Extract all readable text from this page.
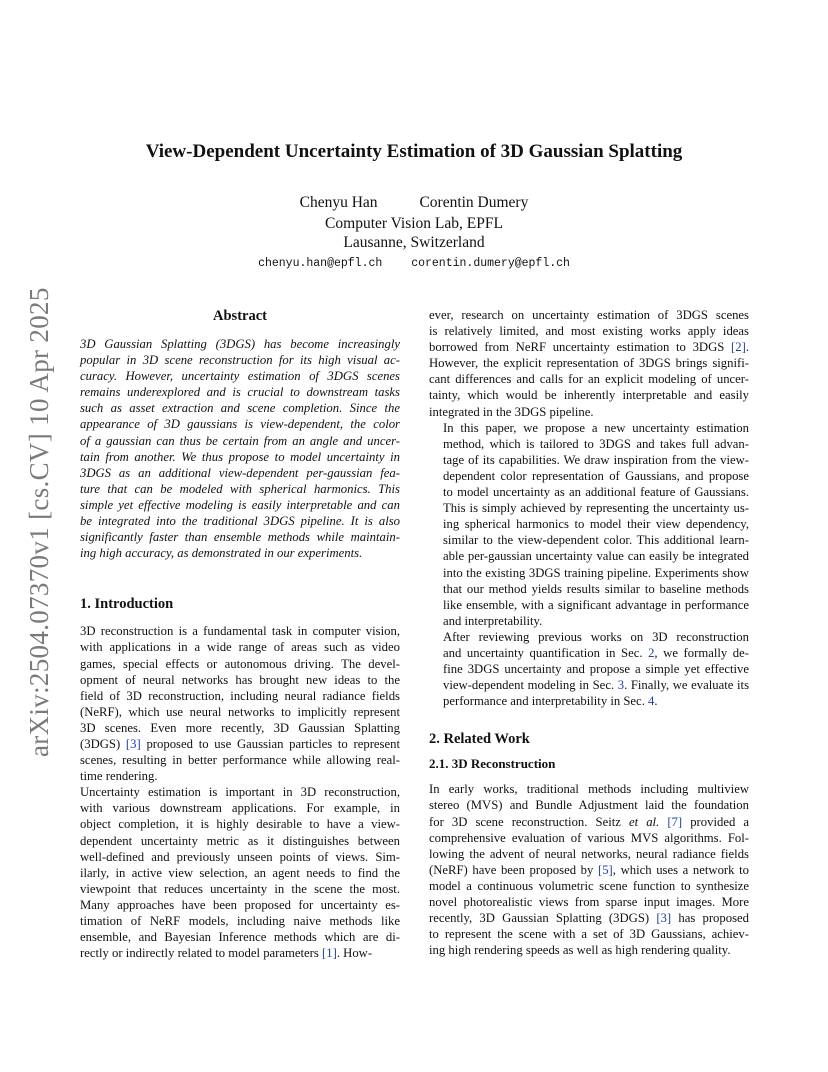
arXiv:2504.07370v1 [cs.CV] 10 Apr 2025
View-Dependent Uncertainty Estimation of 3D Gaussian Splatting
Chenyu Han	Corentin Dumery
Computer Vision Lab, EPFL
Lausanne, Switzerland
chenyu.han@epfl.ch	corentin.dumery@epfl.ch
Abstract

3D Gaussian Splatting (3DGS) has become increasingly
popular in 3D scene reconstruction for its high visual ac-
curacy. However, uncertainty estimation of 3DGS scenes
remains underexplored and is crucial to downstream tasks
such as asset extraction and scene completion. Since the
appearance of 3D gaussians is view-dependent, the color
of a gaussian can thus be certain from an angle and uncer-
tain from another. We thus propose to model uncertainty in
3DGS as an additional view-dependent per-gaussian fea-
ture that can be modeled with spherical harmonics. This
simple yet effective modeling is easily interpretable and can
be integrated into the traditional 3DGS pipeline. It is also
significantly faster than ensemble methods while maintain-
ing high accuracy, as demonstrated in our experiments.

1. Introduction

3D reconstruction is a fundamental task in computer vision,
with applications in a wide range of areas such as video
games, special effects or autonomous driving. The devel-
opment of neural networks has brought new ideas to the
field of 3D reconstruction, including neural radiance fields
(NeRF), which use neural networks to implicitly represent
3D scenes. Even more recently, 3D Gaussian Splatting
(3DGS) [3] proposed to use Gaussian particles to represent
scenes, resulting in better performance while allowing real-
time rendering.

Uncertainty estimation is important in 3D reconstruction,
with various downstream applications. For example, in
object completion, it is highly desirable to have a view-
dependent uncertainty metric as it distinguishes between
well-defined and previously unseen points of views. Sim-
ilarly, in active view selection, an agent needs to find the
viewpoint that reduces uncertainty in the scene the most.
Many approaches have been proposed for uncertainty es-
timation of NeRF models, including naive methods like
ensemble, and Bayesian Inference methods which are di-
rectly or indirectly related to model parameters [1]. How-

ever, research on uncertainty estimation of 3DGS scenes
is relatively limited, and most existing works apply ideas
borrowed from NeRF uncertainty estimation to 3DGS [2].
However, the explicit representation of 3DGS brings signifi-
cant differences and calls for an explicit modeling of uncer-
tainty, which would be inherently interpretable and easily
integrated in the 3DGS pipeline.

In this paper, we propose a new uncertainty estimation
method, which is tailored to 3DGS and takes full advan-
tage of its capabilities. We draw inspiration from the view-
dependent color representation of Gaussians, and propose
to model uncertainty as an additional feature of Gaussians.
This is simply achieved by representing the uncertainty us-
ing spherical harmonics to model their view dependency,
similar to the view-dependent color. This additional learn-
able per-gaussian uncertainty value can easily be integrated
into the existing 3DGS training pipeline. Experiments show
that our method yields results similar to baseline methods
like ensemble, with a significant advantage in performance
and interpretability.

After reviewing previous works on 3D reconstruction
and uncertainty quantification in Sec. 2, we formally de-
fine 3DGS uncertainty and propose a simple yet effective
view-dependent modeling in Sec. 3. Finally, we evaluate its
performance and interpretability in Sec. 4.

2. Related Work
2.1. 3D Reconstruction

In early works, traditional methods including multiview
stereo (MVS) and Bundle Adjustment laid the foundation
for 3D scene reconstruction. Seitz et al. [7] provided a
comprehensive evaluation of various MVS algorithms. Fol-
lowing the advent of neural networks, neural radiance fields
(NeRF) have been proposed by [5], which uses a network to
model a continuous volumetric scene function to synthesize
novel photorealistic views from sparse input images. More
recently, 3D Gaussian Splatting (3DGS) [3] has proposed
to represent the scene with a set of 3D Gaussians, achiev-
ing high rendering speeds as well as high rendering quality.
